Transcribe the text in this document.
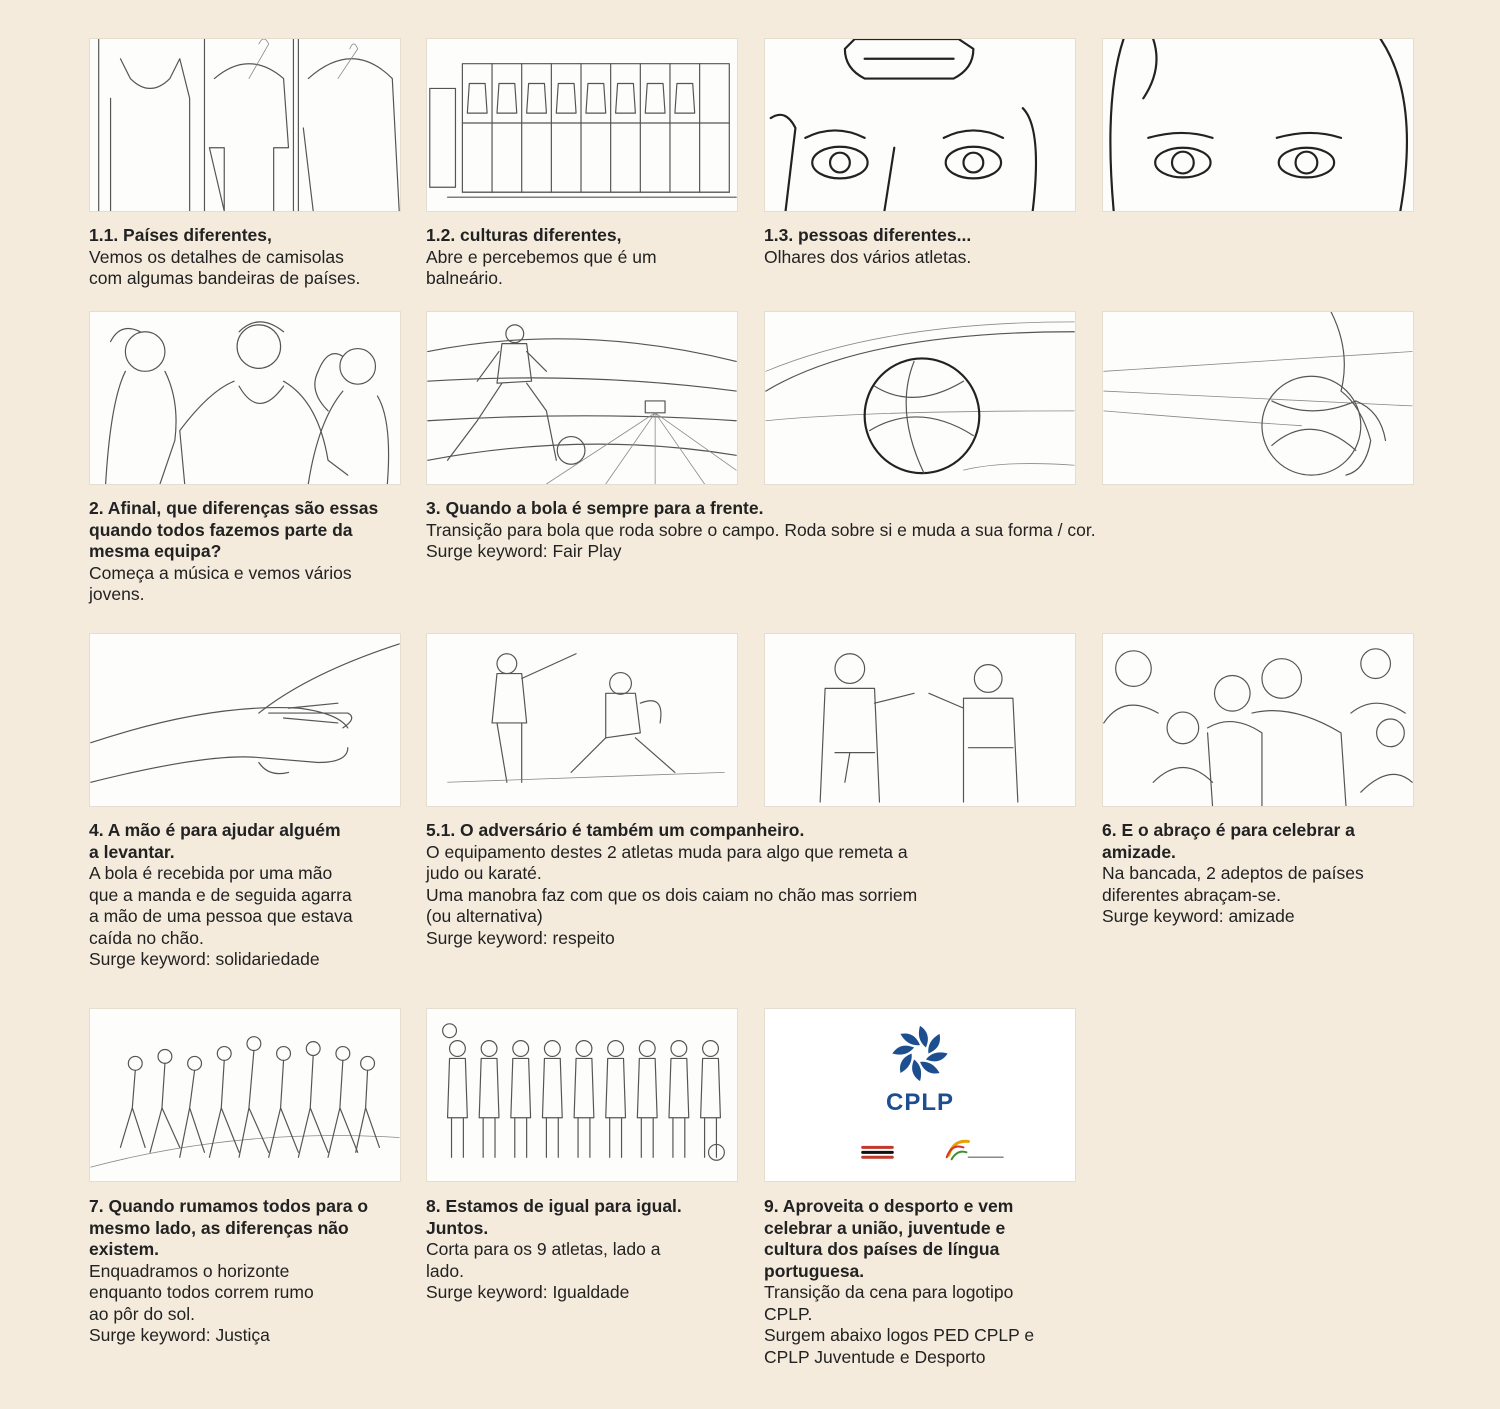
1.1. Países diferentes,
Vemos os detalhes de camisolas
com algumas bandeiras de países.
1.2. culturas diferentes,
Abre e percebemos que é um
balneário.
1.3. pessoas diferentes...
Olhares dos vários atletas.
2. Afinal, que diferenças são essas
quando todos fazemos parte da
mesma equipa?
Começa a música e vemos vários
jovens.
3. Quando a bola é sempre para a frente.
Transição para bola que roda sobre o campo. Roda sobre si e muda a sua forma / cor.
Surge keyword: Fair Play
4. A mão é para ajudar alguém
a levantar.
A bola é recebida por uma mão
que a manda e de seguida agarra
a mão de uma pessoa que estava
caída no chão.
Surge keyword: solidariedade
5.1. O adversário é também um companheiro.
O equipamento destes 2 atletas muda para algo que remeta a
judo ou karaté.
Uma manobra faz com que os dois caiam no chão mas sorriem
(ou alternativa)
Surge keyword: respeito
6. E o abraço é para celebrar a
amizade.
Na bancada, 2 adeptos de países
diferentes abraçam-se.
Surge keyword: amizade
7. Quando rumamos todos para o
mesmo lado, as diferenças não
existem.
Enquadramos o horizonte
enquanto todos correm rumo
ao pôr do sol.
Surge keyword: Justiça
8. Estamos de igual para igual.
Juntos.
Corta para os 9 atletas, lado a
lado.
Surge keyword: Igualdade
CPLP
9. Aproveita o desporto e vem
celebrar a união, juventude e
cultura dos países de língua
portuguesa.
Transição da cena para logotipo
CPLP.
Surgem abaixo logos PED CPLP e
CPLP Juventude e Desporto
